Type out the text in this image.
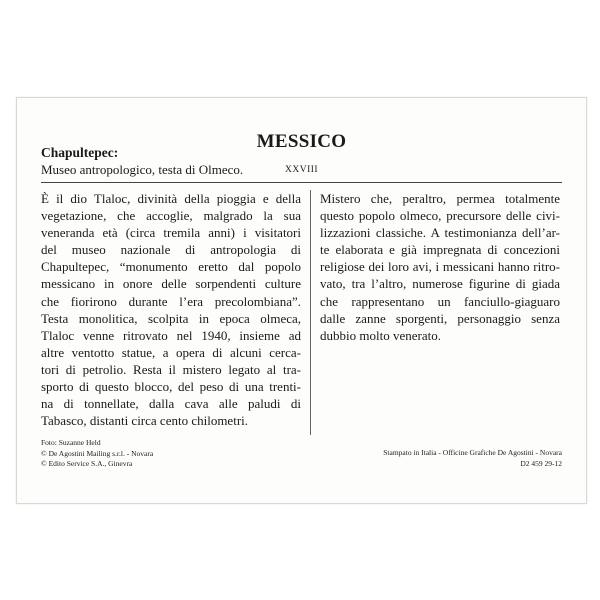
MESSICO
Chapultepec:
Museo antropologico, testa di Olmeco.	XXVIII
È il dio Tlaloc, divinità della pioggia e della
vegetazione, che accoglie, malgrado la sua
veneranda età (circa tremila anni) i visitatori
del museo nazionale di antropologia di
Chapultepec, “monumento eretto dal popolo
messicano in onore delle sorpendenti culture
che fiorirono durante l’era precolombiana”.
Testa monolitica, scolpita in epoca olmeca,
Tlaloc venne ritrovato nel 1940, insieme ad
altre ventotto statue, a opera di alcuni cerca-
tori di petrolio. Resta il mistero legato al tra-
sporto di questo blocco, del peso di una trenti-
na di tonnellate, dalla cava alle paludi di
Tabasco, distanti circa cento chilometri.
Mistero che, peraltro, permea totalmente
questo popolo olmeco, precursore delle civi-
lizzazioni classiche. A testimonianza dell’ar-
te elaborata e già impregnata di concezioni
religiose dei loro avi, i messicani hanno ritro-
vato, tra l’altro, numerose figurine di giada
che rappresentano un fanciullo-giaguaro
dalle zanne sporgenti, personaggio senza
dubbio molto venerato.
Foto: Suzanne Held
© De Agostini Mailing s.r.l. - Novara
© Edito Service S.A., Ginevra
Stampato in Italia - Officine Grafiche De Agostini - Novara
D2 459 29-12
